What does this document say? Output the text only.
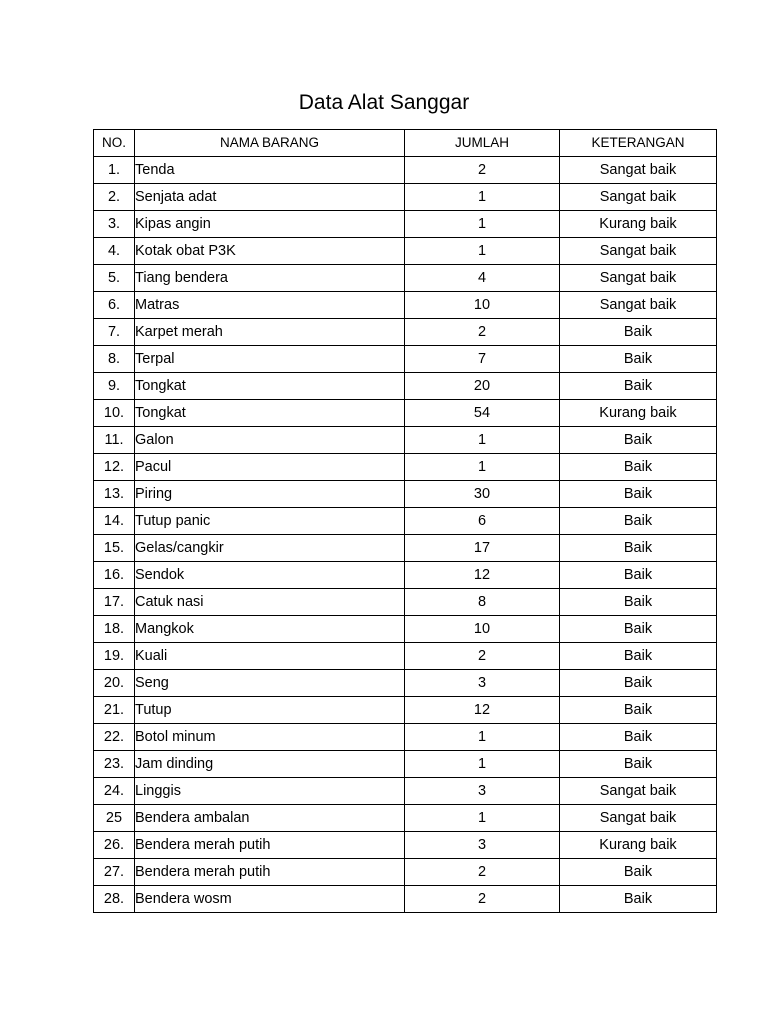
Data Alat Sanggar
NO.	NAMA BARANG	JUMLAH	KETERANGAN
1.	Tenda	2	Sangat baik
2.	Senjata adat	1	Sangat baik
3.	Kipas angin	1	Kurang baik
4.	Kotak obat P3K	1	Sangat baik
5.	Tiang bendera	4	Sangat baik
6.	Matras	10	Sangat baik
7.	Karpet merah	2	Baik
8.	Terpal	7	Baik
9.	Tongkat	20	Baik
10.	Tongkat	54	Kurang baik
11.	Galon	1	Baik
12.	Pacul	1	Baik
13.	Piring	30	Baik
14.	Tutup panic	6	Baik
15.	Gelas/cangkir	17	Baik
16.	Sendok	12	Baik
17.	Catuk nasi	8	Baik
18.	Mangkok	10	Baik
19.	Kuali	2	Baik
20.	Seng	3	Baik
21.	Tutup	12	Baik
22.	Botol minum	1	Baik
23.	Jam dinding	1	Baik
24.	Linggis	3	Sangat baik
25	Bendera ambalan	1	Sangat baik
26.	Bendera merah putih	3	Kurang baik
27.	Bendera merah putih	2	Baik
28.	Bendera wosm	2	Baik
